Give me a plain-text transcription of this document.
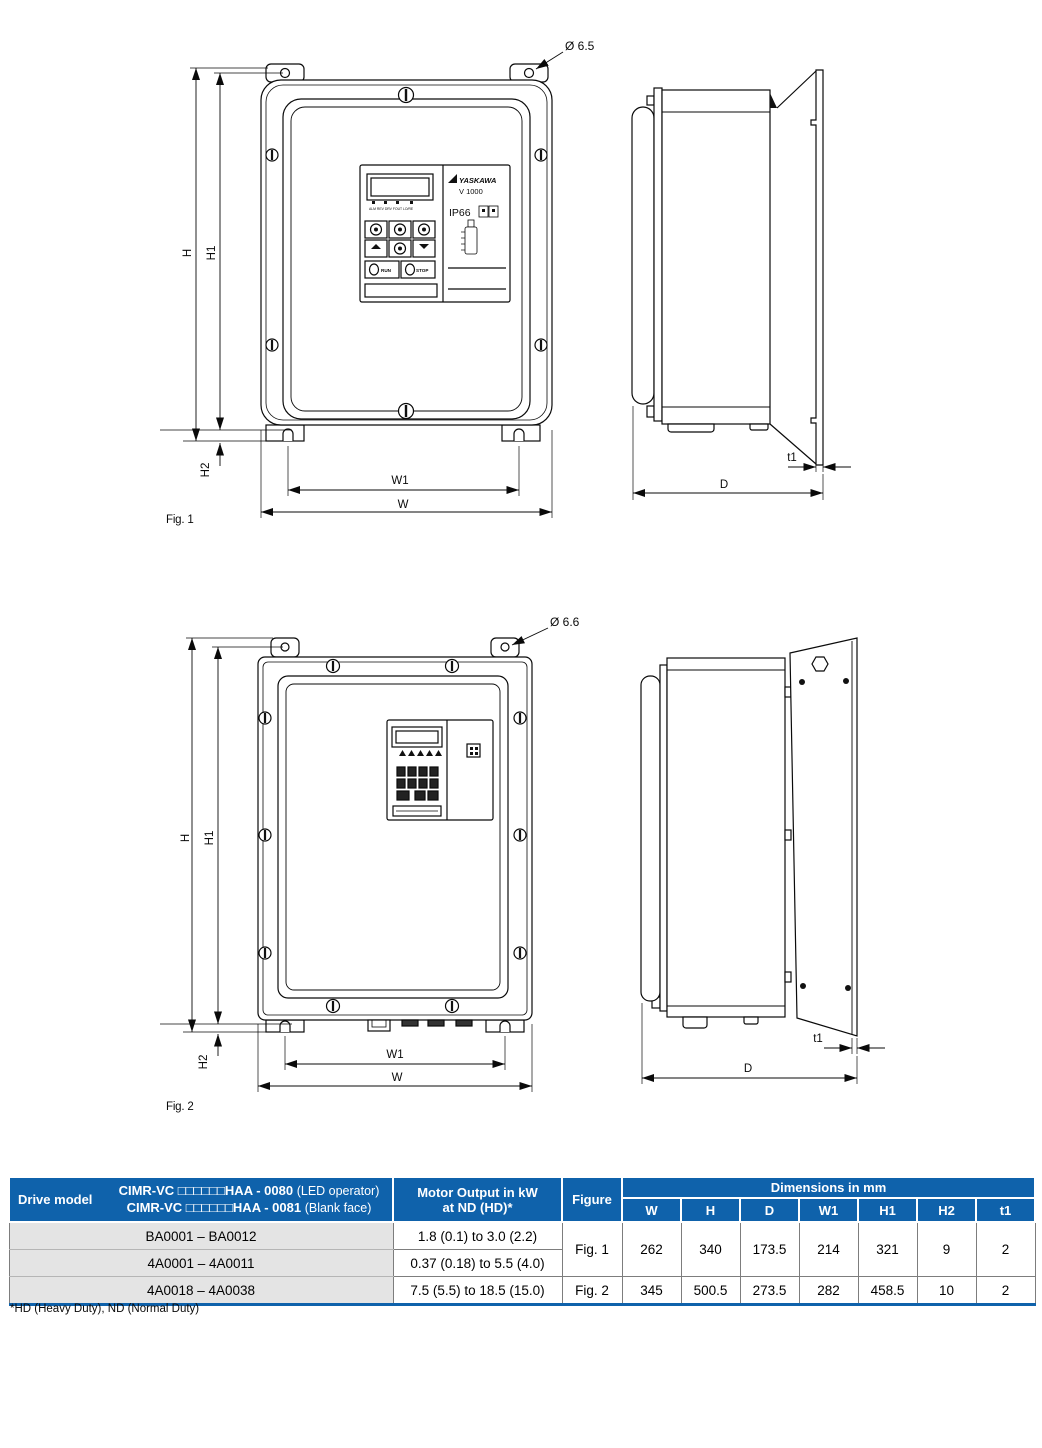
ALM REV DRV FOUT LO/RE
RUN	STOP
YASKAWA
V 1000
IP66
H H1
H2
W1
W
Ø 6.5
t1
D
Fig. 1
H H1
H2	W1
W
Ø 6.6
t1
D
Fig. 2
Drive model
CIMR-VC □□□□□□HAA - 0080 (LED operator)
CIMR-VC □□□□□□HAA - 0081 (Blank face)

Motor Output in kW
at ND (HD)*	Figure	Dimensions in mm
			W	H	D	W1	H1	H2	t1
BA0001 – BA0012	1.8 (0.1) to 3.0 (2.2)	Fig. 1	262	340	173.5	214	321	9	2
4A0001 – 4A0011	0.37 (0.18) to 5.5 (4.0)								
4A0018 – 4A0038	7.5 (5.5) to 18.5 (15.0)	Fig. 2	345	500.5	273.5	282	458.5	10	2
*HD (Heavy Duty), ND (Normal Duty)
